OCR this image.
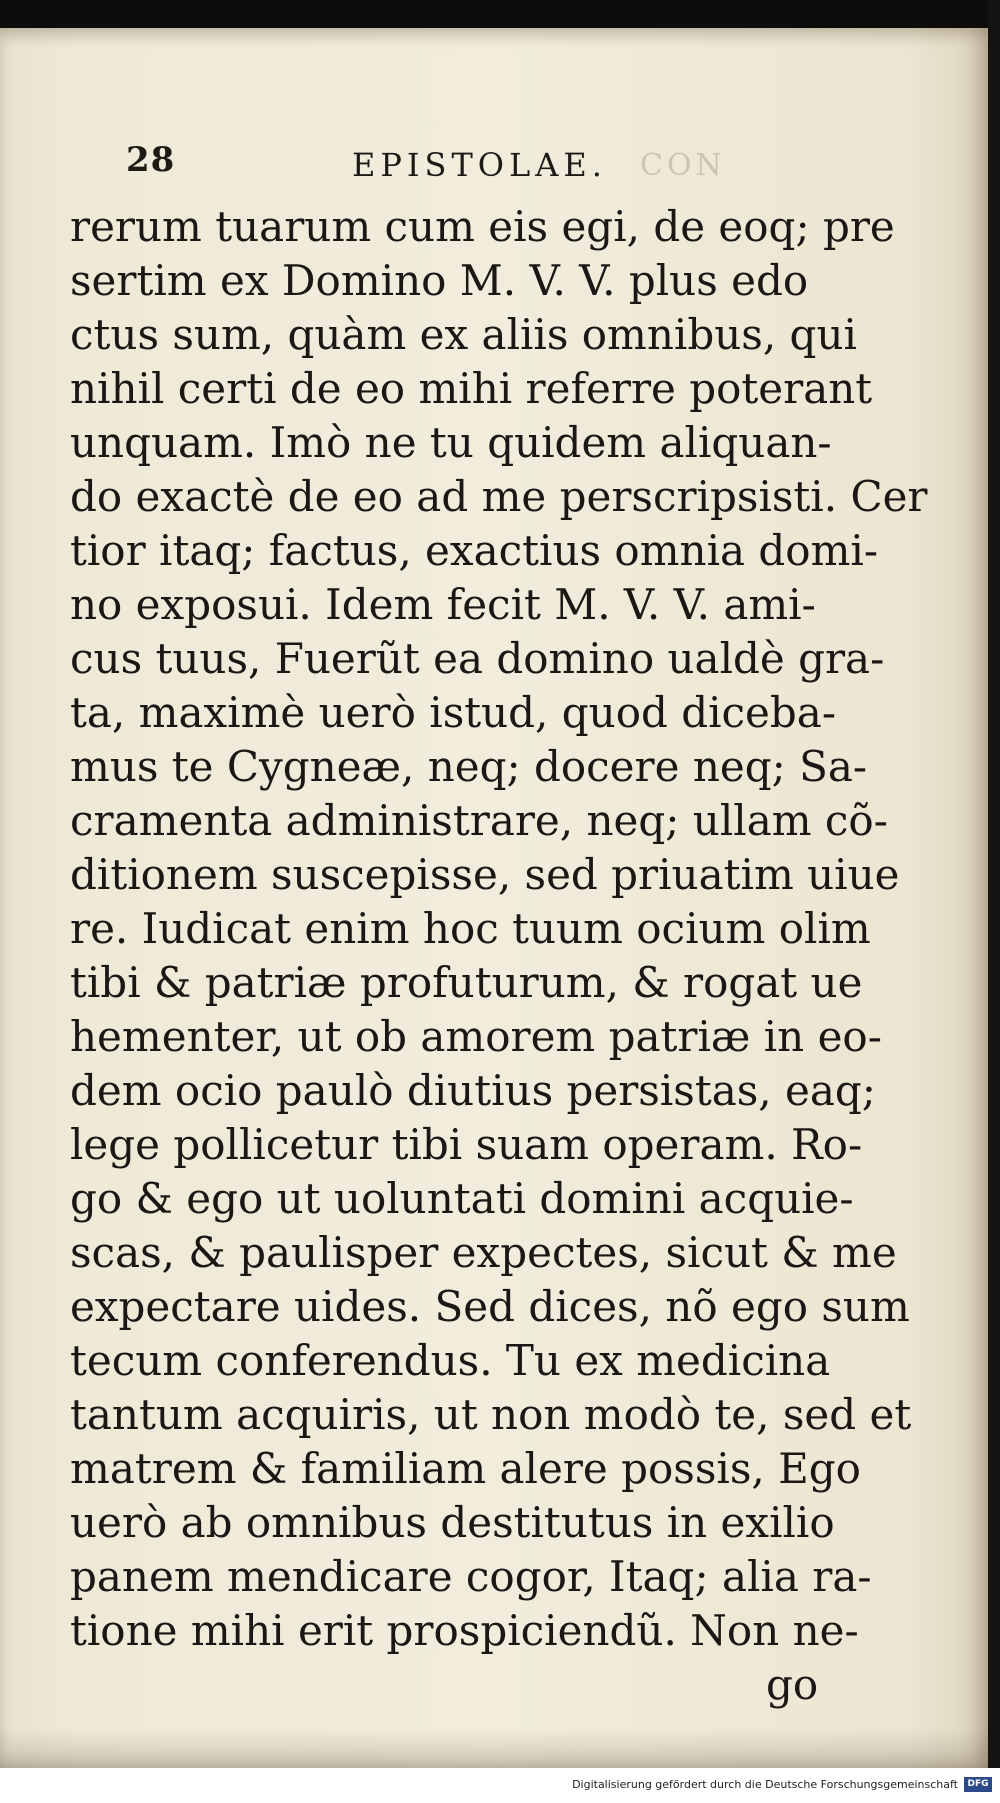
28	EPISTOLAE. CON
rerum tuarum cum eis egi, de eoq; pre
sertim ex Domino M. V. V. plus edo
ctus sum, quàm ex aliis omnibus, qui
nihil certi de eo mihi referre poterant
unquam. Imò ne tu quidem aliquan-
do exactè de eo ad me perscripsisti. Cer
tior itaq; factus, exactius omnia domi-
no exposui. Idem fecit M. V. V. ami-
cus tuus, Fuerũt ea domino ualdè gra-
ta, maximè uerò istud, quod diceba-
mus te Cygneæ, neq; docere neq; Sa-
cramenta administrare, neq; ullam cõ-
ditionem suscepisse, sed priuatim uiue
re. Iudicat enim hoc tuum ocium olim
tibi & patriæ profuturum, & rogat ue
hementer, ut ob amorem patriæ in eo-
dem ocio paulò diutius persistas, eaq;
lege pollicetur tibi suam operam. Ro-
go & ego ut uoluntati domini acquie-
scas, & paulisper expectes, sicut & me
expectare uides. Sed dices, nõ ego sum
tecum conferendus. Tu ex medicina
tantum acquiris, ut non modò te, sed et
matrem & familiam alere possis, Ego
uerò ab omnibus destitutus in exilio
panem mendicare cogor, Itaq; alia ra-
tione mihi erit prospiciendũ. Non ne-
go
Digitalisierung gefördert durch die Deutsche Forschungsgemeinschaft	DFG
